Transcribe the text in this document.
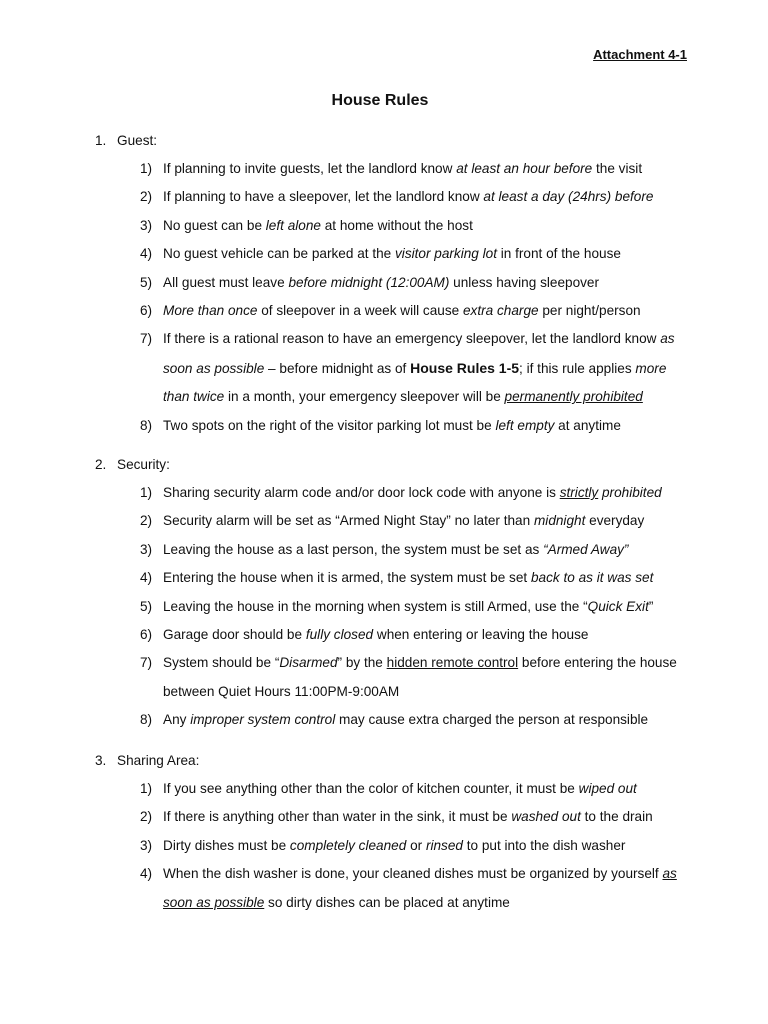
Attachment 4-1
House Rules
1. Guest:
1) If planning to invite guests, let the landlord know at least an hour before the visit
2) If planning to have a sleepover, let the landlord know at least a day (24hrs) before
3) No guest can be left alone at home without the host
4) No guest vehicle can be parked at the visitor parking lot in front of the house
5) All guest must leave before midnight (12:00AM) unless having sleepover
6) More than once of sleepover in a week will cause extra charge per night/person
7) If there is a rational reason to have an emergency sleepover, let the landlord know as soon as possible – before midnight as of House Rules 1-5; if this rule applies more than twice in a month, your emergency sleepover will be permanently prohibited
8) Two spots on the right of the visitor parking lot must be left empty at anytime
2. Security:
1) Sharing security alarm code and/or door lock code with anyone is strictly prohibited
2) Security alarm will be set as “Armed Night Stay” no later than midnight everyday
3) Leaving the house as a last person, the system must be set as “Armed Away”
4) Entering the house when it is armed, the system must be set back to as it was set
5) Leaving the house in the morning when system is still Armed, use the “Quick Exit”
6) Garage door should be fully closed when entering or leaving the house
7) System should be “Disarmed” by the hidden remote control before entering the house between Quiet Hours 11:00PM-9:00AM
8) Any improper system control may cause extra charged the person at responsible
3. Sharing Area:
1) If you see anything other than the color of kitchen counter, it must be wiped out
2) If there is anything other than water in the sink, it must be washed out to the drain
3) Dirty dishes must be completely cleaned or rinsed to put into the dish washer
4) When the dish washer is done, your cleaned dishes must be organized by yourself as soon as possible so dirty dishes can be placed at anytime
